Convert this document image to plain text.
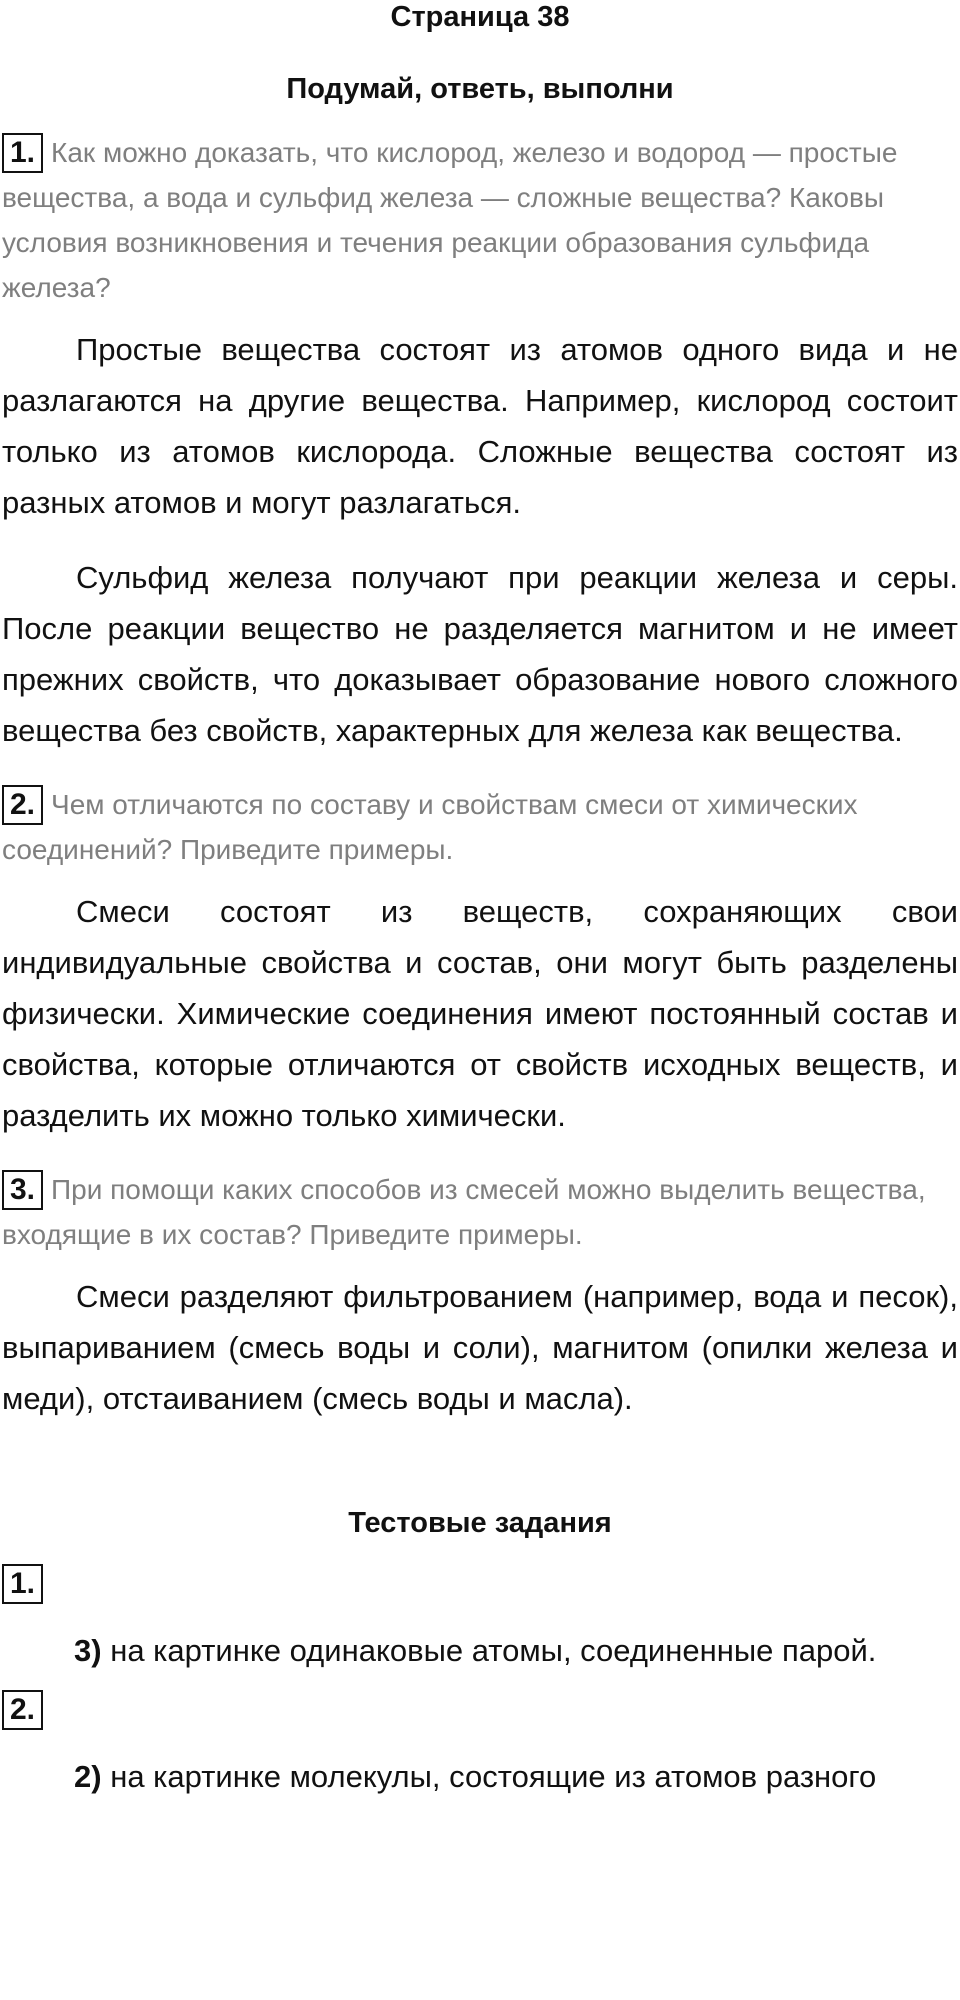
Страница 38
Подумай, ответь, выполни
1. Как можно доказать, что кислород, железо и водород — простые вещества, а вода и сульфид железа — сложные вещества? Каковы условия возникновения и течения реакции образования сульфида железа?

Простые вещества состоят из атомов одного вида и не разлагаются на другие вещества. Например, кислород состоит только из атомов кислорода. Сложные вещества состоят из разных атомов и могут разлагаться.

Сульфид железа получают при реакции железа и серы. После реакции вещество не разделяется магнитом и не имеет прежних свойств, что доказывает образование нового сложного вещества без свойств, характерных для железа как вещества.

2. Чем отличаются по составу и свойствам смеси от химических соединений? Приведите примеры.

Смеси состоят из веществ, сохраняющих свои индивидуальные свойства и состав, они могут быть разделены физически. Химические соединения имеют постоянный состав и свойства, которые отличаются от свойств исходных веществ, и разделить их можно только химически.

3. При помощи каких способов из смесей можно выделить вещества, входящие в их состав? Приведите примеры.

Смеси разделяют фильтрованием (например, вода и песок), выпариванием (смесь воды и соли), магнитом (опилки железа и меди), отстаиванием (смесь воды и масла).

Тестовые задания
1.
3) на картинке одинаковые атомы, соединенные парой.
2.
2) на картинке молекулы, состоящие из атомов разного
